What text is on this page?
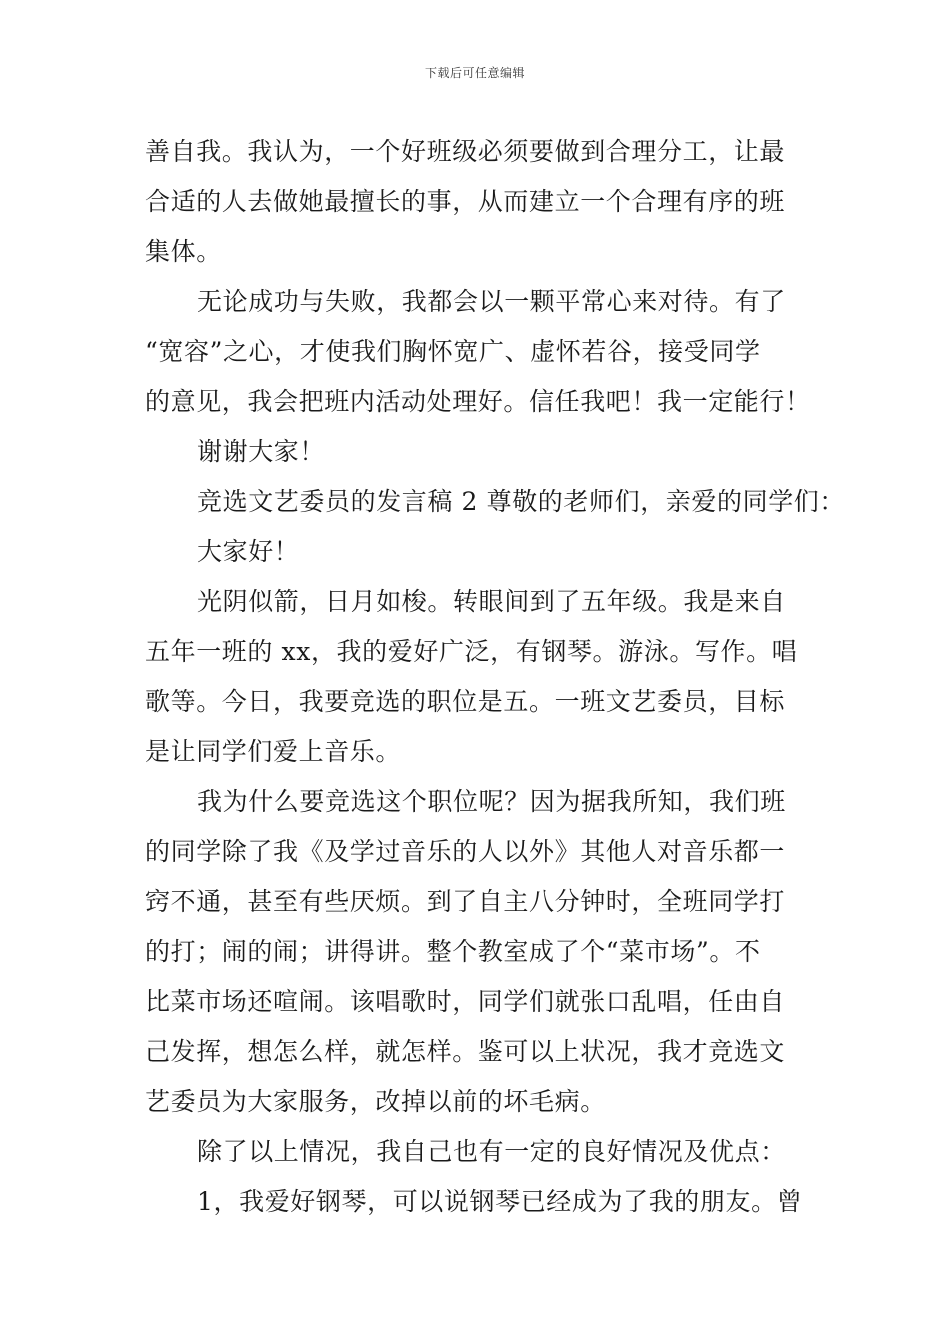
下载后可任意编辑
善自我。我认为，一个好班级必须要做到合理分工，让最
合适的人去做她最擅长的事，从而建立一个合理有序的班
集体。
无论成功与失败，我都会以一颗平常心来对待。有了
“宽容”之心，才使我们胸怀宽广、虚怀若谷，接受同学
的意见，我会把班内活动处理好。信任我吧！我一定能行！
谢谢大家！
竞选文艺委员的发言稿 2 尊敬的老师们，亲爱的同学们：
大家好！
光阴似箭，日月如梭。转眼间到了五年级。我是来自
五年一班的 xx，我的爱好广泛，有钢琴。游泳。写作。唱
歌等。今日，我要竞选的职位是五。一班文艺委员，目标
是让同学们爱上音乐。
我为什么要竞选这个职位呢？因为据我所知，我们班
的同学除了我《及学过音乐的人以外》其他人对音乐都一
窍不通，甚至有些厌烦。到了自主八分钟时，全班同学打
的打；闹的闹；讲得讲。整个教室成了个“菜市场”。不
比菜市场还喧闹。该唱歌时，同学们就张口乱唱，任由自
己发挥，想怎么样，就怎样。鉴可以上状况，我才竞选文
艺委员为大家服务，改掉以前的坏毛病。
除了以上情况，我自己也有一定的良好情况及优点：
1，我爱好钢琴，可以说钢琴已经成为了我的朋友。曾
